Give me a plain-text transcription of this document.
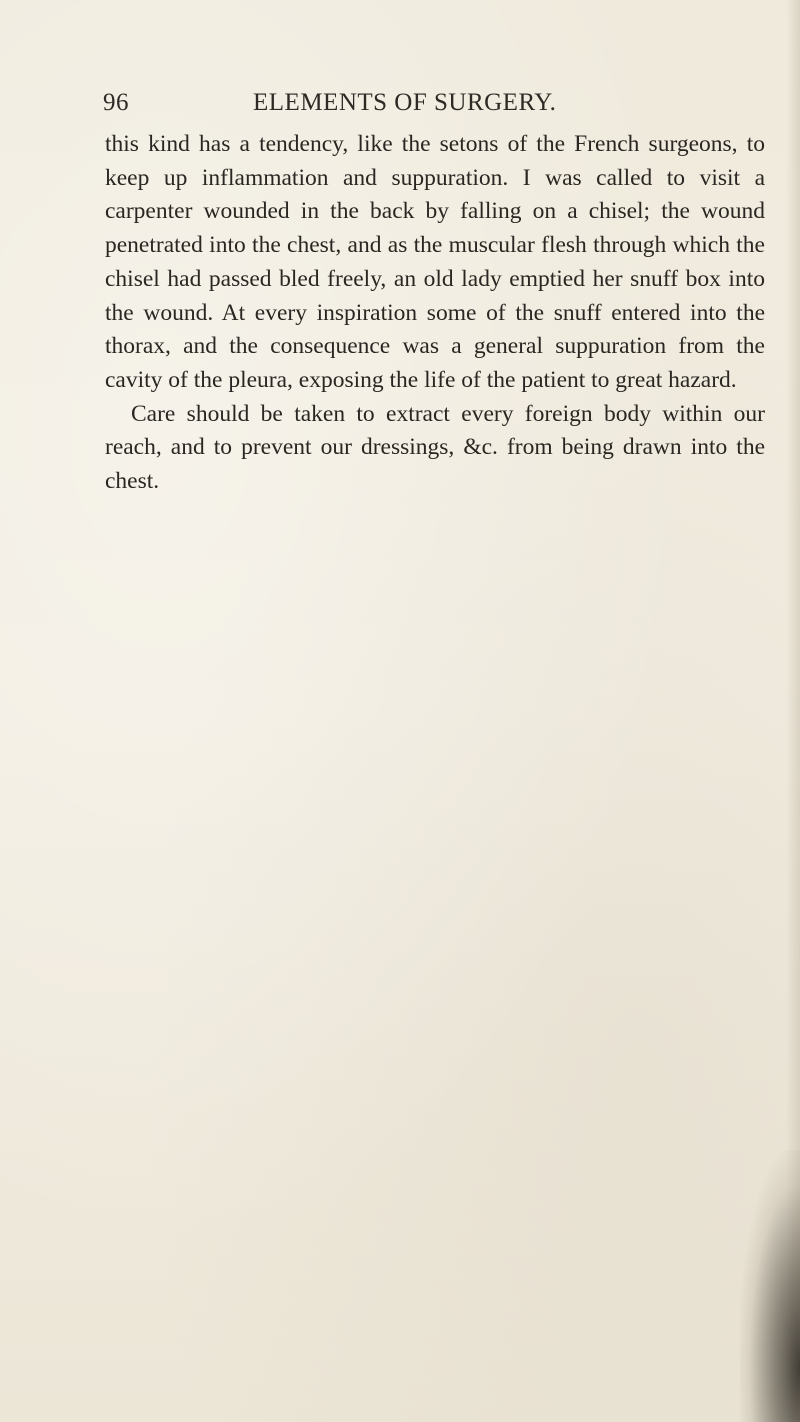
96	ELEMENTS OF SURGERY.

this kind has a tendency, like the setons of the French surgeons, to keep up inflammation and suppuration. I was called to visit a carpenter wounded in the back by falling on a chisel; the wound penetrated into the chest, and as the muscular flesh through which the chisel had passed bled freely, an old lady emptied her snuff box into the wound. At every inspiration some of the snuff entered into the thorax, and the consequence was a general suppuration from the cavity of the pleura, exposing the life of the patient to great hazard.

Care should be taken to extract every foreign body within our reach, and to prevent our dressings, &c. from being drawn into the chest.
